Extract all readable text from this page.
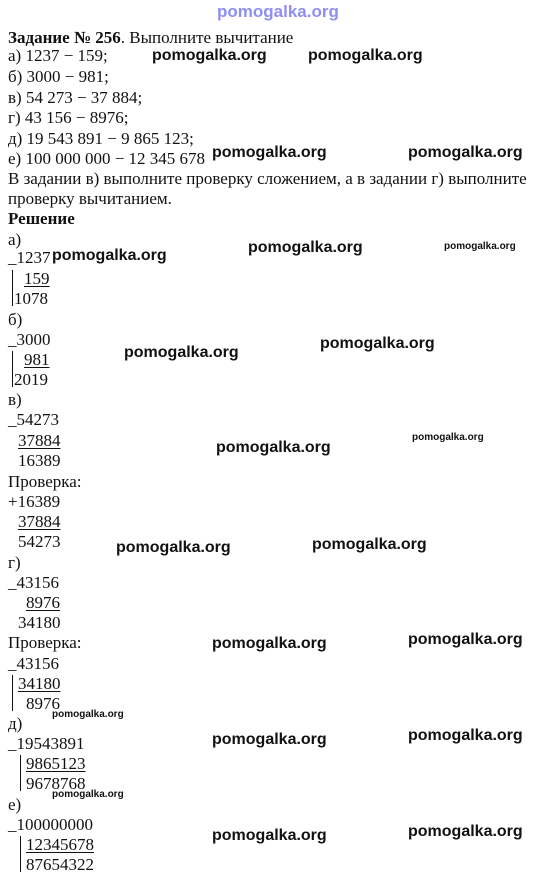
pomogalka.org
Задание № 256. Выполните вычитание
а) 1237 − 159;
б) 3000 − 981;
в) 54 273 − 37 884;
г) 43 156 − 8976;
д) 19 543 891 − 9 865 123;
е) 100 000 000 − 12 345 678
В задании в) выполните проверку сложением, а в задании г) выполните
проверку вычитанием.
Решение
а)
_1237
159
1078
б)
_3000
981
2019
в)
_54273
37884
16389
Проверка:
+16389
37884
54273
г)
_43156
8976
34180
Проверка:
_43156
34180
8976
д)
_19543891
9865123
9678768
е)
_100000000
12345678
87654322
pomogalka.org	pomogalka.org
pomogalka.org	pomogalka.org
pomogalka.org	pomogalka.org
pomogalka.org
pomogalka.org
pomogalka.org
pomogalka.org	pomogalka.org
pomogalka.org	pomogalka.org
pomogalka.org	pomogalka.org
pomogalka.org	pomogalka.org
pomogalka.org
pomogalka.org
pomogalka.org
pomogalka.org
